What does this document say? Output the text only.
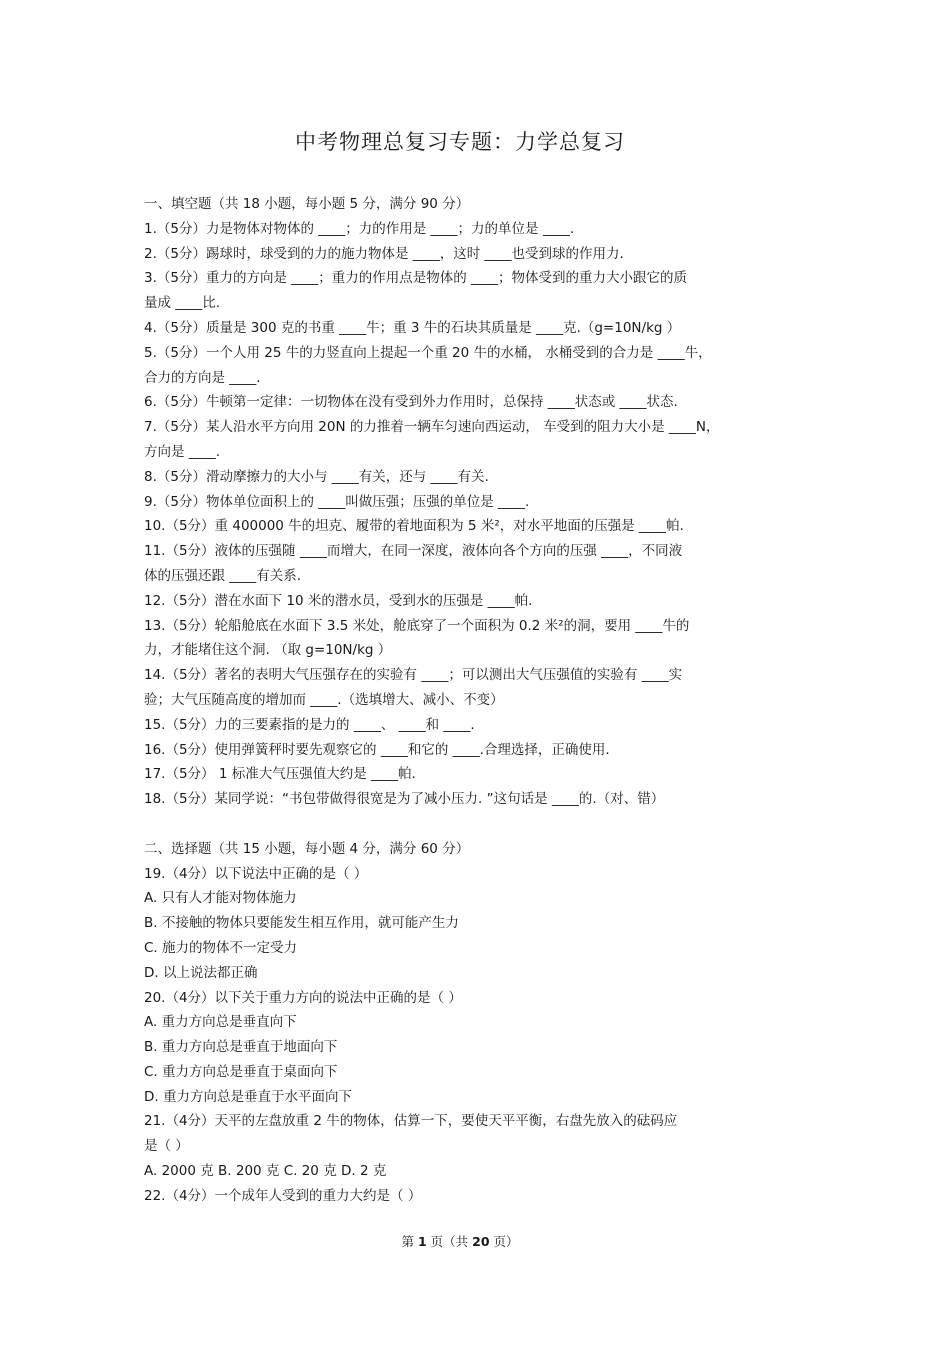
中考物理总复习专题：力学总复习
一、填空题（共 18 小题，每小题 5 分，满分 90 分）
1.（5分）力是物体对物体的 ____；力的作用是 ____；力的单位是 ____.
2.（5分）踢球时，球受到的力的施力物体是 ____，这时 ____也受到球的作用力.
3.（5分）重力的方向是 ____；重力的作用点是物体的 ____；物体受到的重力大小跟它的质
量成 ____比.
4.（5分）质量是 300 克的书重 ____牛；重 3 牛的石块其质量是 ____克.（g=10N/kg ）
5.（5分）一个人用 25 牛的力竖直向上提起一个重 20 牛的水桶， 水桶受到的合力是 ____牛，
合力的方向是 ____.
6.（5分）牛顿第一定律：一切物体在没有受到外力作用时，总保持 ____状态或 ____状态.
7.（5分）某人沿水平方向用 20N 的力推着一辆车匀速向西运动， 车受到的阻力大小是 ____N，
方向是 ____.
8.（5分）滑动摩擦力的大小与 ____有关，还与 ____有关.
9.（5分）物体单位面积上的 ____叫做压强；压强的单位是 ____.
10.（5分）重 400000 牛的坦克、履带的着地面积为 5 米²，对水平地面的压强是 ____帕.
11.（5分）液体的压强随 ____而增大，在同一深度，液体向各个方向的压强 ____，不同液
体的压强还跟 ____有关系.
12.（5分）潜在水面下 10 米的潜水员，受到水的压强是 ____帕.
13.（5分）轮船舱底在水面下 3.5 米处，舱底穿了一个面积为 0.2 米²的洞，要用 ____牛的
力，才能堵住这个洞. （取 g=10N/kg ）
14.（5分）著名的表明大气压强存在的实验有 ____；可以测出大气压强值的实验有 ____实
验；大气压随高度的增加而 ____.（选填增大、减小、不变）
15.（5分）力的三要素指的是力的 ____、 ____和 ____.
16.（5分）使用弹簧秤时要先观察它的 ____和它的 ____.合理选择，正确使用.
17.（5分） 1 标准大气压强值大约是 ____帕.
18.（5分）某同学说：“书包带做得很宽是为了减小压力. ”这句话是 ____的.（对、错）
二、选择题（共 15 小题，每小题 4 分，满分 60 分）
19.（4分）以下说法中正确的是（ ）
A. 只有人才能对物体施力
B. 不接触的物体只要能发生相互作用，就可能产生力
C. 施力的物体不一定受力
D. 以上说法都正确
20.（4分）以下关于重力方向的说法中正确的是（ ）
A. 重力方向总是垂直向下
B. 重力方向总是垂直于地面向下
C. 重力方向总是垂直于桌面向下
D. 重力方向总是垂直于水平面向下
21.（4分）天平的左盘放重 2 牛的物体，估算一下，要使天平平衡，右盘先放入的砝码应
是（ ）
A. 2000 克 B. 200 克 C. 20 克 D. 2 克
22.（4分）一个成年人受到的重力大约是（ ）
第 1 页（共 20 页）
